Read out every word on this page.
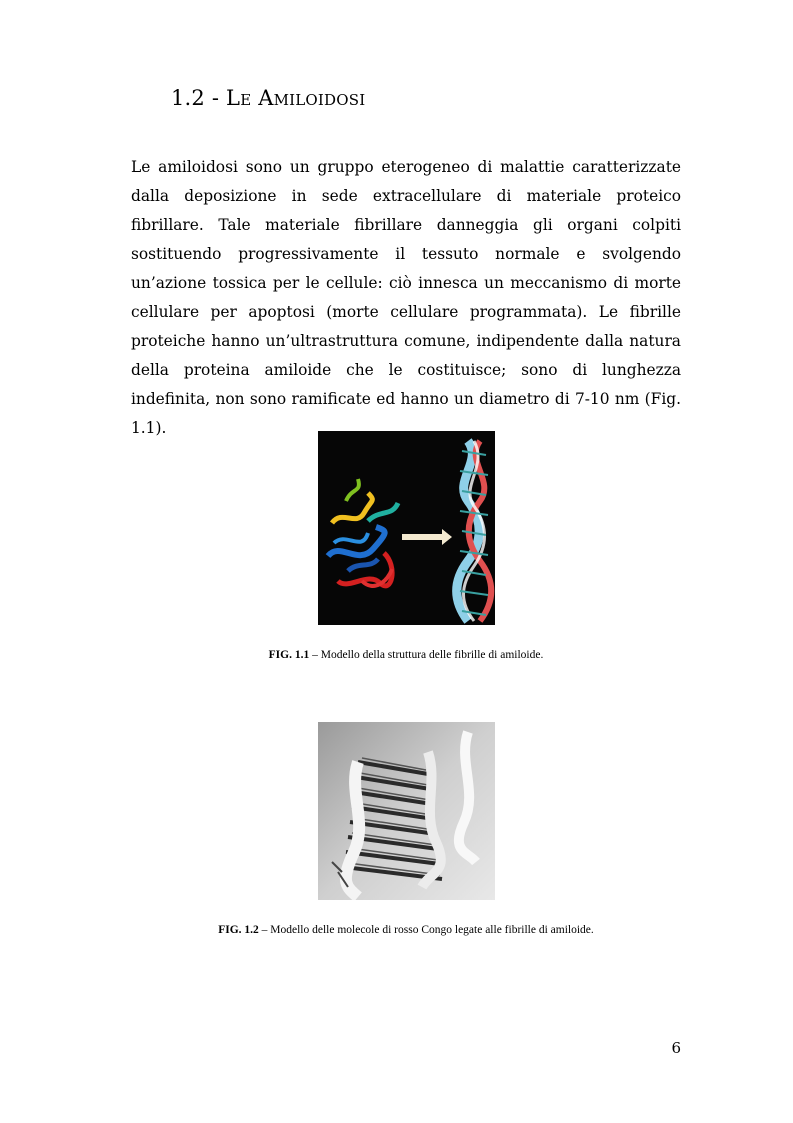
1.2 - Le Amiloidosi

Le amiloidosi sono un gruppo eterogeneo di malattie caratterizzate dalla deposizione in sede extracellulare di materiale proteico fibrillare. Tale materiale fibrillare danneggia gli organi colpiti sostituendo progressivamente il tessuto normale e svolgendo un’azione tossica per le cellule: ciò innesca un meccanismo di morte cellulare per apoptosi (morte cellulare programmata). Le fibrille proteiche hanno un’ultrastruttura comune, indipendente dalla natura della proteina amiloide che le costituisce; sono di lunghezza indefinita, non sono ramificate ed hanno un diametro di 7-10 nm (Fig. 1.1).

FIG. 1.1 – Modello della struttura delle fibrille di amiloide.

FIG. 1.2 – Modello delle molecole di rosso Congo legate alle fibrille di amiloide.

6
